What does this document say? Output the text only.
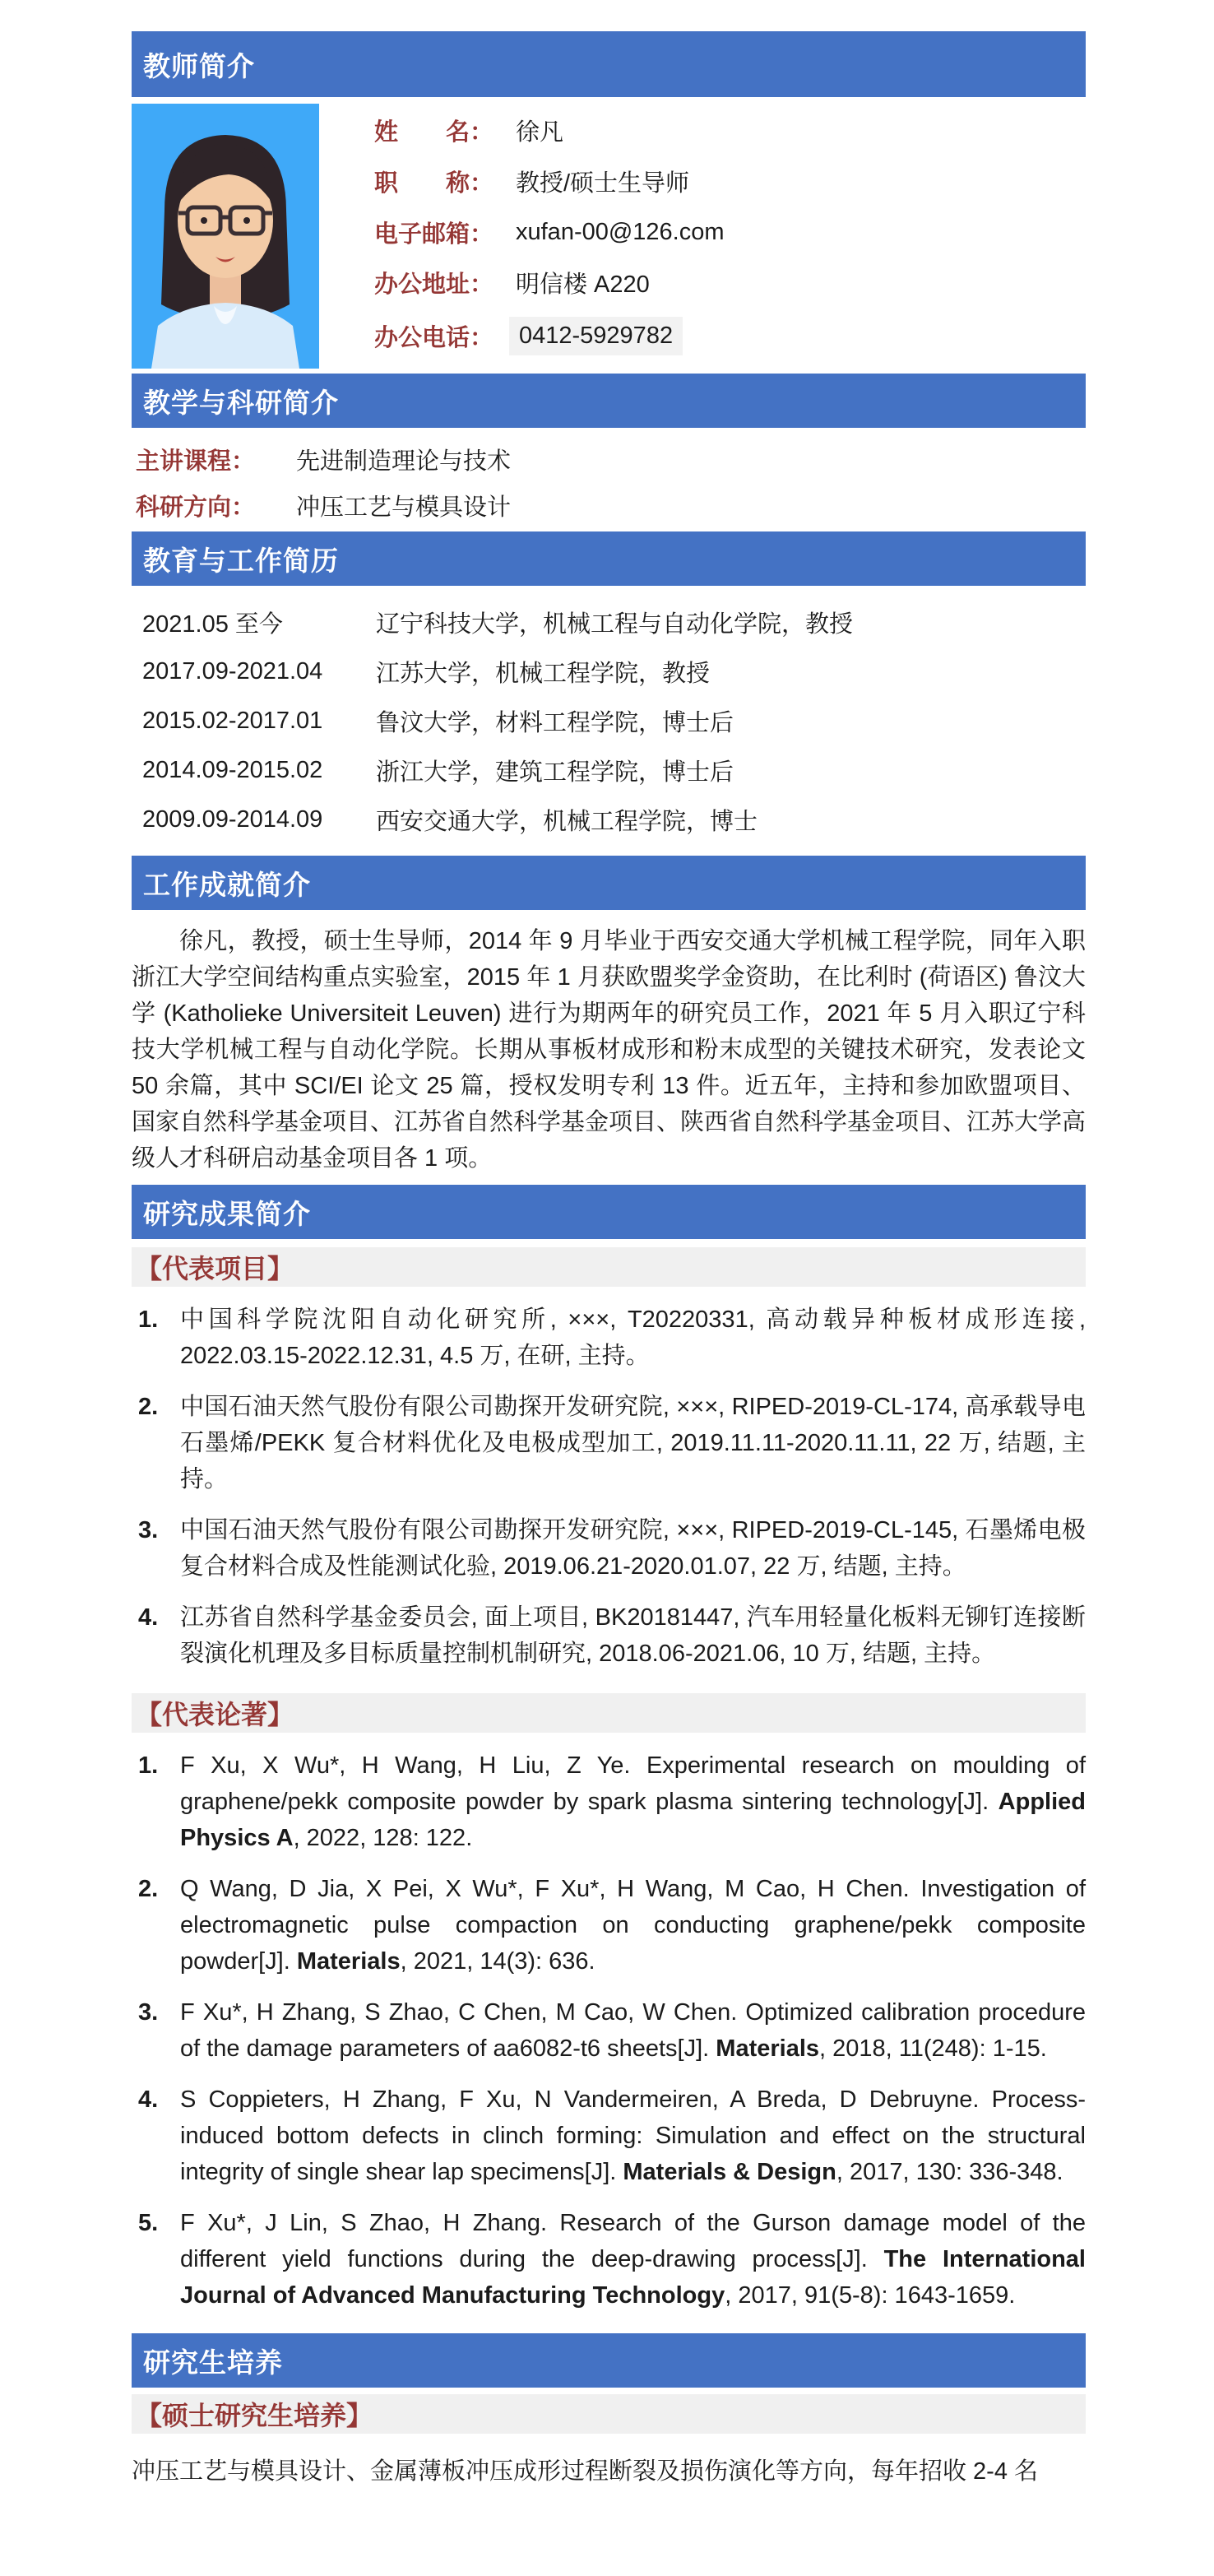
教师简介
姓　　名： 徐凡
职　　称： 教授/硕士生导师
电子邮箱： xufan-00@126.com
办公地址： 明信楼 A220
办公电话：	0412-5929782
教学与科研简介
主讲课程： 先进制造理论与技术
科研方向： 冲压工艺与模具设计
教育与工作简历
2021.05 至今	辽宁科技大学，机械工程与自动化学院，教授
2017.09-2021.04	江苏大学，机械工程学院，教授
2015.02-2017.01	鲁汶大学，材料工程学院，博士后
2014.09-2015.02	浙江大学，建筑工程学院，博士后
2009.09-2014.09	西安交通大学，机械工程学院，博士
工作成就简介

徐凡，教授，硕士生导师，2014 年 9 月毕业于西安交通大学机械工程学院，同年入职浙江大学空间结构重点实验室，2015 年 1 月获欧盟奖学金资助，在比利时 (荷语区) 鲁汶大学 (Katholieke Universiteit Leuven) 进行为期两年的研究员工作，2021 年 5 月入职辽宁科技大学机械工程与自动化学院。长期从事板材成形和粉末成型的关键技术研究，发表论文 50 余篇，其中 SCI/EI 论文 25 篇，授权发明专利 13 件。近五年，主持和参加欧盟项目、国家自然科学基金项目、江苏省自然科学基金项目、陕西省自然科学基金项目、江苏大学高级人才科研启动基金项目各 1 项。

研究成果简介
【代表项目】
1. 中国科学院沈阳自动化研究所, ×××, T20220331, 高动载异种板材成形连接, 2022.03.15-2022.12.31, 4.5 万, 在研, 主持。
2. 中国石油天然气股份有限公司勘探开发研究院, ×××, RIPED-2019-CL-174, 高承载导电石墨烯/PEKK 复合材料优化及电极成型加工, 2019.11.11-2020.11.11, 22 万, 结题, 主持。
3. 中国石油天然气股份有限公司勘探开发研究院, ×××, RIPED-2019-CL-145, 石墨烯电极复合材料合成及性能测试化验, 2019.06.21-2020.01.07, 22 万, 结题, 主持。
4. 江苏省自然科学基金委员会, 面上项目, BK20181447, 汽车用轻量化板料无铆钉连接断裂演化机理及多目标质量控制机制研究, 2018.06-2021.06, 10 万, 结题, 主持。
【代表论著】
1. F Xu, X Wu*, H Wang, H Liu, Z Ye. Experimental research on moulding of graphene/pekk composite powder by spark plasma sintering technology[J]. Applied Physics A, 2022, 128: 122.
2. Q Wang, D Jia, X Pei, X Wu*, F Xu*, H Wang, M Cao, H Chen. Investigation of electromagnetic pulse compaction on conducting graphene/pekk composite powder[J]. Materials, 2021, 14(3): 636.
3. F Xu*, H Zhang, S Zhao, C Chen, M Cao, W Chen. Optimized calibration procedure of the damage parameters of aa6082-t6 sheets[J]. Materials, 2018, 11(248): 1-15.
4. S Coppieters, H Zhang, F Xu, N Vandermeiren, A Breda, D Debruyne. Process-induced bottom defects in clinch forming: Simulation and effect on the structural integrity of single shear lap specimens[J]. Materials & Design, 2017, 130: 336-348.
5. F Xu*, J Lin, S Zhao, H Zhang. Research of the Gurson damage model of the different yield functions during the deep-drawing process[J]. The International Journal of Advanced Manufacturing Technology, 2017, 91(5-8): 1643-1659.
研究生培养
【硕士研究生培养】

冲压工艺与模具设计、金属薄板冲压成形过程断裂及损伤演化等方向，每年招收 2-4 名
